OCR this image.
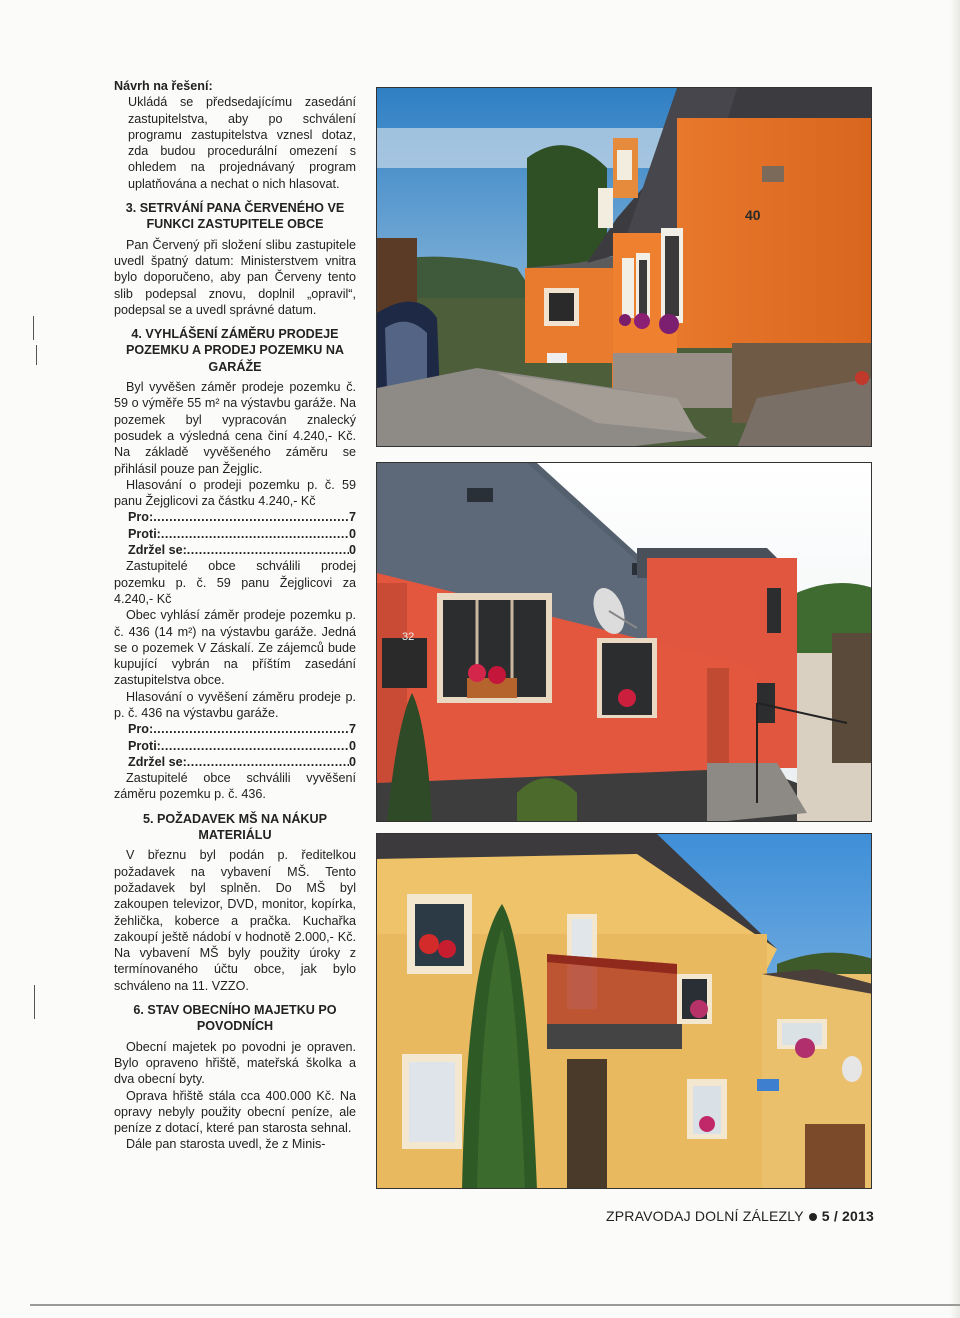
Návrh na řešení:

Ukládá se předsedajícímu zasedání zastupitelstva, aby po schválení programu zastupitelstva vznesl dotaz, zda budou procedurální omezení s ohledem na projednávaný program uplatňována a nechat o nich hlasovat.

3. SETRVÁNÍ PANA ČERVENÉHO VE FUNKCI ZASTUPITELE OBCE

Pan Červený při složení slibu zastupitele uvedl špatný datum: Ministerstvem vnitra bylo doporučeno, aby pan Červeny tento slib podepsal znovu, doplnil „opravil“, podepsal se a uvedl správné datum.

4. VYHLÁŠENÍ ZÁMĚRU PRODEJE POZEMKU A PRODEJ POZEMKU NA GARÁŽE

Byl vyvěšen záměr prodeje pozemku č. 59 o výměře 55 m² na výstavbu garáže. Na pozemek byl vypracován znalecký posudek a výsledná cena činí 4.240,- Kč. Na základě vyvěšeného záměru se přihlásil pouze pan Žejglic.

Hlasování o prodeji pozemku p. č. 59 panu Žejglicovi za částku 4.240,- Kč

Pro: .....	7
Proti: .....	0
Zdržel se: .....	0

Zastupitelé obce schválili prodej pozemku p. č. 59 panu Žejglicovi za 4.240,- Kč

Obec vyhlásí záměr prodeje pozemku p. č. 436 (14 m²) na výstavbu garáže. Jedná se o pozemek V Záskalí. Ze zájemců bude kupující vybrán na příštím zasedání zastupitelstva obce.

Hlasování o vyvěšení záměru prodeje p. p. č. 436 na výstavbu garáže.

Pro: .....	7
Proti: .....	0
Zdržel se: .....	0

Zastupitelé obce schválili vyvěšení záměru pozemku p. č. 436.

5. POŽADAVEK MŠ NA NÁKUP MATERIÁLU

V březnu byl podán p. ředitelkou požadavek na vybavení MŠ. Tento požadavek byl splněn. Do MŠ byl zakoupen televizor, DVD, monitor, kopírka, žehlička, koberce a pračka. Kuchařka zakoupí ještě nádobí v hodnotě 2.000,- Kč. Na vybavení MŠ byly použity úroky z termínovaného účtu obce, jak bylo schváleno na 11. VZZO.

6. STAV OBECNÍHO MAJETKU PO POVODNÍCH

Obecní majetek po povodni je opraven. Bylo opraveno hřiště, mateřská školka a dva obecní byty.

Oprava hřiště stála cca 400.000 Kč. Na opravy nebyly použity obecní peníze, ale peníze z dotací, které pan starosta sehnal.

Dále pan starosta uvedl, že z Minis-

40
32
ZPRAVODAJ DOLNÍ ZÁLEZLY 5 / 2013
